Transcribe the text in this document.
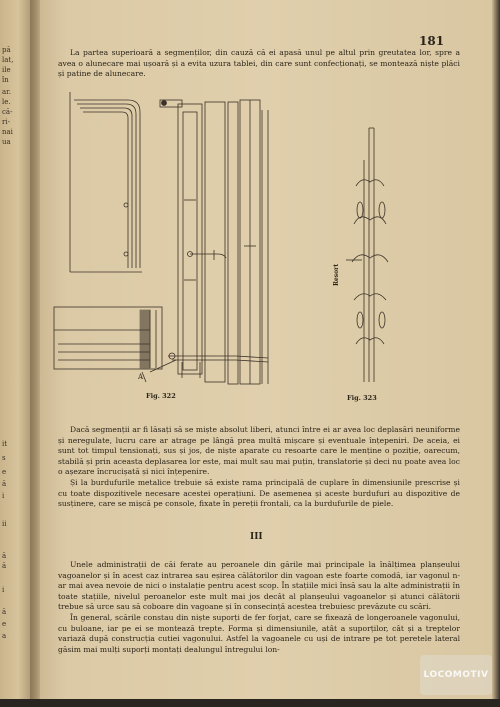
pă
lat,
ile
în
ar.
le.
că-
ri-
nai
ua
it
s
e
ă
i
ii
ă
ă
i
ă
e
a
181

La partea superioară a segmenților, din cauză că ei apasă unul pe altul prin greutatea lor, spre a avea o alunecare mai ușoară și a evita uzura tablei, din care sunt confecționați, se montează niște plăci și patine de alunecare.

Fig. 322
A
Fig. 323
Resort

Dacă segmenții ar fi lăsați să se miște absolut liberi, atunci între ei ar avea loc deplasări neuniforme și neregulate, lucru care ar atrage pe lângă prea multă mișcare și eventuale înțepeniri. De aceia, ei sunt tot timpul tensionați, sus și jos, de niște aparate cu resoarte care le menține o poziție, oarecum, stabilă și prin aceasta deplasarea lor este, mai mult sau mai puțin, translatorie și deci nu poate avea loc o așezare încrucișată și nici înțepenire.

Și la burdufurile metalice trebuie să existe rama principală de cuplare în dimensiunile prescrise și cu toate dispozitivele necesare acestei operațiuni. De asemenea și aceste burdufuri au dispozitive de susținere, care se mișcă pe console, fixate în pereții frontali, ca la burdufurile de piele.

III

Unele administrații de căi ferate au peroanele din gările mai principale la înălțimea planșeului vagoanelor și în acest caz intrarea sau eșirea călătorilor din vagoan este foarte comodă, iar vagonul n-ar mai avea nevoie de nici o instalație pentru acest scop. În stațiile mici însă sau la alte administrații în toate stațiile, nivelul peroanelor este mult mai jos decât al planșeului vagoanelor și atunci călătorii trebue să urce sau să coboare din vagoane și în consecință acestea trebuiesc prevăzute cu scări.

În general, scările constau din niște suporți de fer forjat, care se fixează de longeroanele vagonului, cu buloane, iar pe ei se montează trepte. Forma și dimensiunile, atât a suporților, cât și a treptelor variază după construcția cutiei vagonului. Astfel la vagoanele cu uși de intrare pe tot peretele lateral găsim mai mulți suporți montați dealungul întregului lon-

LOCOMOTIV
